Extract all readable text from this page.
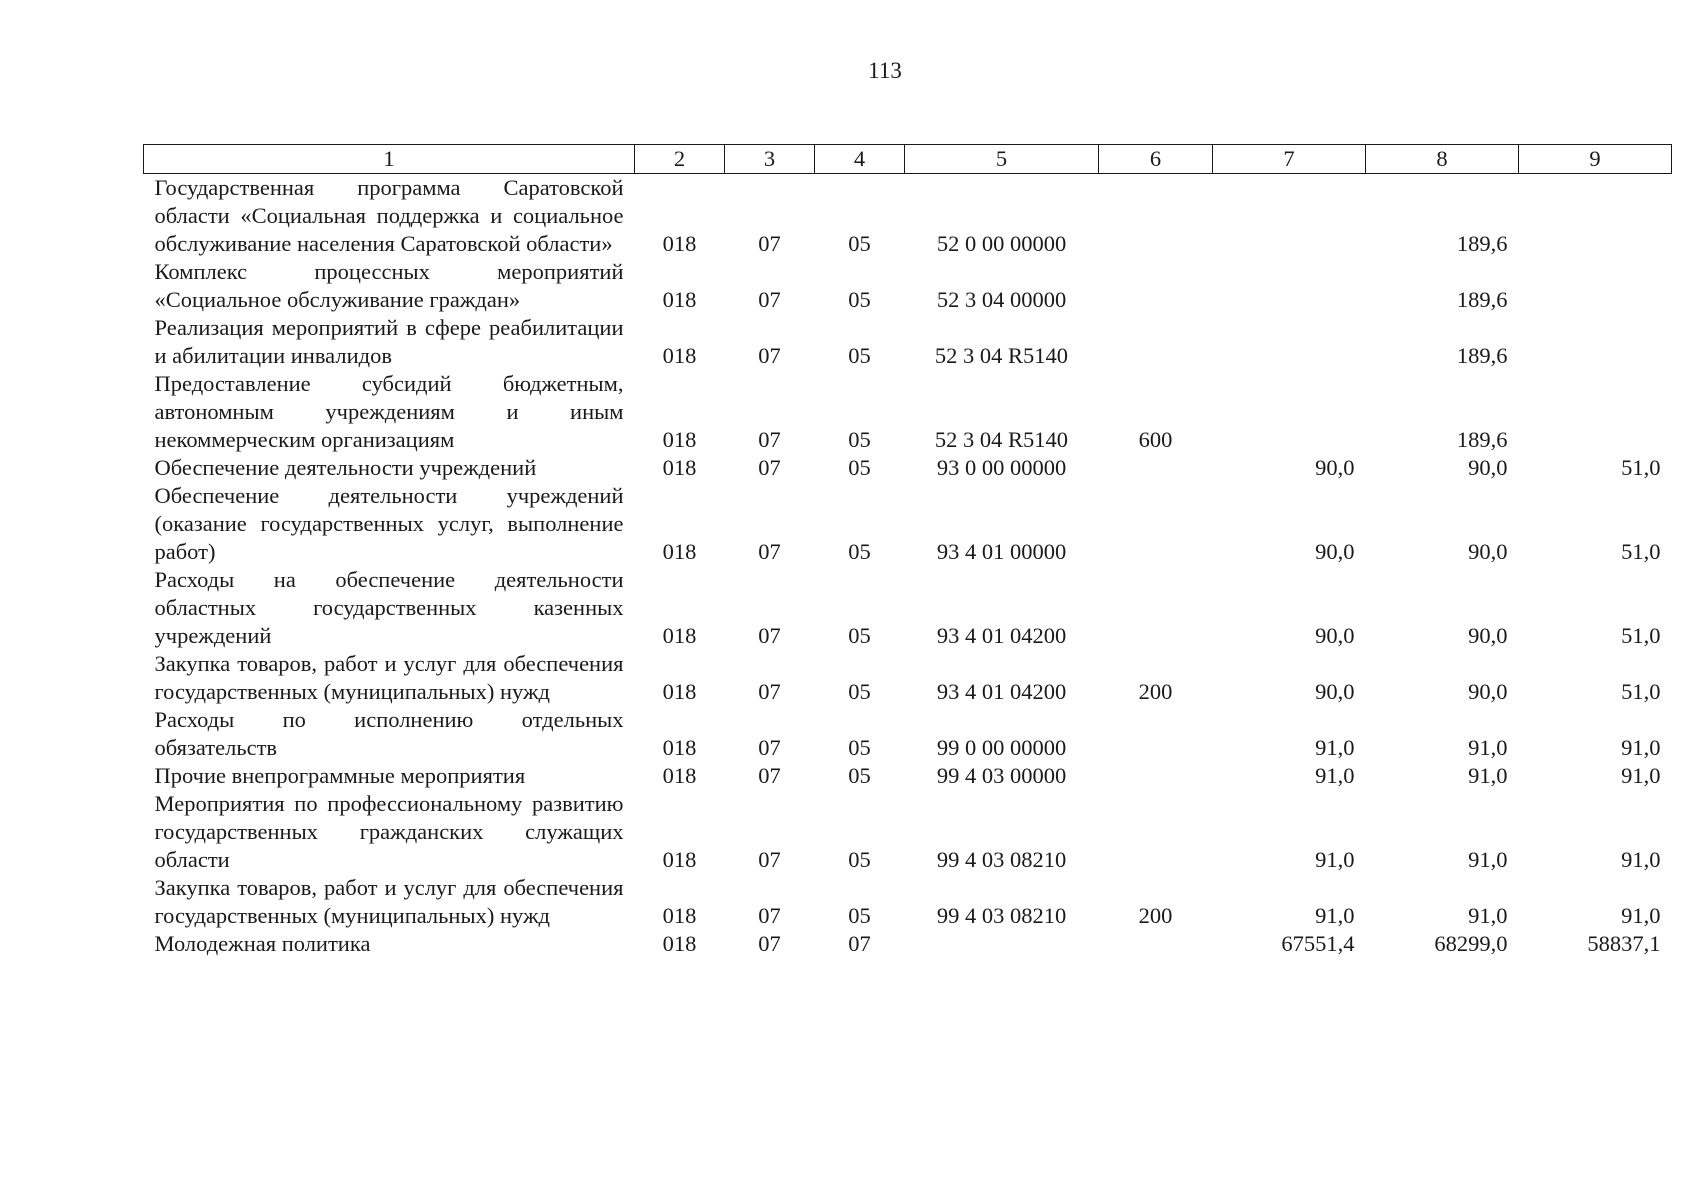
113
1	2	3	4	5	6	7	8	9
Государственная программа Саратовской области «Социальная поддержка и социальное обслуживание населения Саратовской области»	018	07	05	52 0 00 00000			189,6	
Комплекс процессных мероприятий «Социальное обслуживание граждан»	018	07	05	52 3 04 00000			189,6	
Реализация мероприятий в сфере реабилитации и абилитации инвалидов	018	07	05	52 3 04 R5140			189,6	
Предоставление субсидий бюджетным, автономным учреждениям и иным некоммерческим организациям	018	07	05	52 3 04 R5140	600		189,6	
Обеспечение деятельности учреждений	018	07	05	93 0 00 00000		90,0	90,0	51,0
Обеспечение деятельности учреждений (оказание государственных услуг, выполнение работ)	018	07	05	93 4 01 00000		90,0	90,0	51,0
Расходы на обеспечение деятельности областных государственных казенных учреждений	018	07	05	93 4 01 04200		90,0	90,0	51,0
Закупка товаров, работ и услуг для обеспечения государственных (муниципальных) нужд	018	07	05	93 4 01 04200	200	90,0	90,0	51,0
Расходы по исполнению отдельных обязательств	018	07	05	99 0 00 00000		91,0	91,0	91,0
Прочие внепрограммные мероприятия	018	07	05	99 4 03 00000		91,0	91,0	91,0
Мероприятия по профессиональному развитию государственных гражданских служащих области	018	07	05	99 4 03 08210		91,0	91,0	91,0
Закупка товаров, работ и услуг для обеспечения государственных (муниципальных) нужд	018	07	05	99 4 03 08210	200	91,0	91,0	91,0
Молодежная политика	018	07	07			67551,4	68299,0	58837,1
